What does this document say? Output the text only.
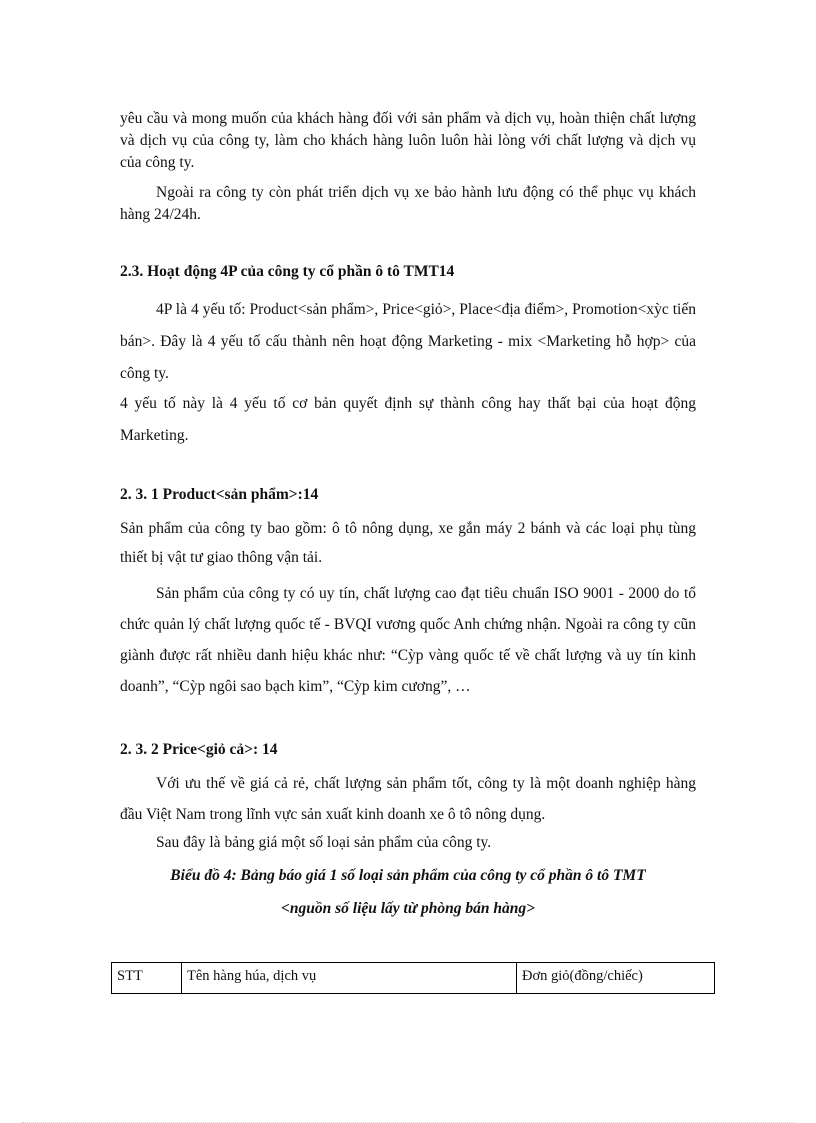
yêu cầu và mong muốn của khách hàng đối với sản phẩm và dịch vụ, hoàn thiện chất lượng và dịch vụ của công ty, làm cho khách hàng luôn luôn hài lòng với chất lượng và dịch vụ của công ty.
Ngoài ra công ty còn phát triển dịch vụ xe bảo hành lưu động có thể phục vụ khách hàng 24/24h.
2.3. Hoạt động 4P của công ty cổ phần ô tô TMT14
4P là 4 yếu tố: Product<sản phẩm>, Price<giỏ>, Place<địa điểm>, Promotion<xỳc tiến bán>. Đây là 4 yếu tố cấu thành nên hoạt động Marketing - mix <Marketing hỗ hợp> của công ty.
4 yếu tố này là 4 yếu tố cơ bản quyết định sự thành công hay thất bại của hoạt động Marketing.
2. 3. 1 Product<sản phẩm>:14
Sản phẩm của công ty bao gồm: ô tô nông dụng, xe gắn máy 2 bánh và các loại phụ tùng thiết bị vật tư giao thông vận tải.
Sản phẩm của công ty có uy tín, chất lượng cao đạt tiêu chuẩn ISO 9001 - 2000 do tổ chức quản lý chất lượng quốc tế - BVQI vương quốc Anh chứng nhận. Ngoài ra công ty cũn giành được rất nhiều danh hiệu khác như: “Cỳp vàng quốc tế về chất lượng và uy tín kinh doanh”, “Cỳp ngôi sao bạch kim”, “Cỳp kim cương”, …
2. 3. 2 Price<giỏ cả>: 14
Với ưu thế về giá cả rẻ, chất lượng sản phẩm tốt, công ty là một doanh nghiệp hàng đầu Việt Nam trong lĩnh vực sản xuất kinh doanh xe ô tô nông dụng.
Sau đây là bảng giá một số loại sản phẩm của công ty.
Biểu đồ 4: Bảng báo giá 1 số loại sản phẩm của công ty cổ phần ô tô TMT
<nguồn số liệu lấy từ phòng bán hàng>
STT	Tên hàng húa, dịch vụ	Đơn giỏ(đồng/chiếc)
